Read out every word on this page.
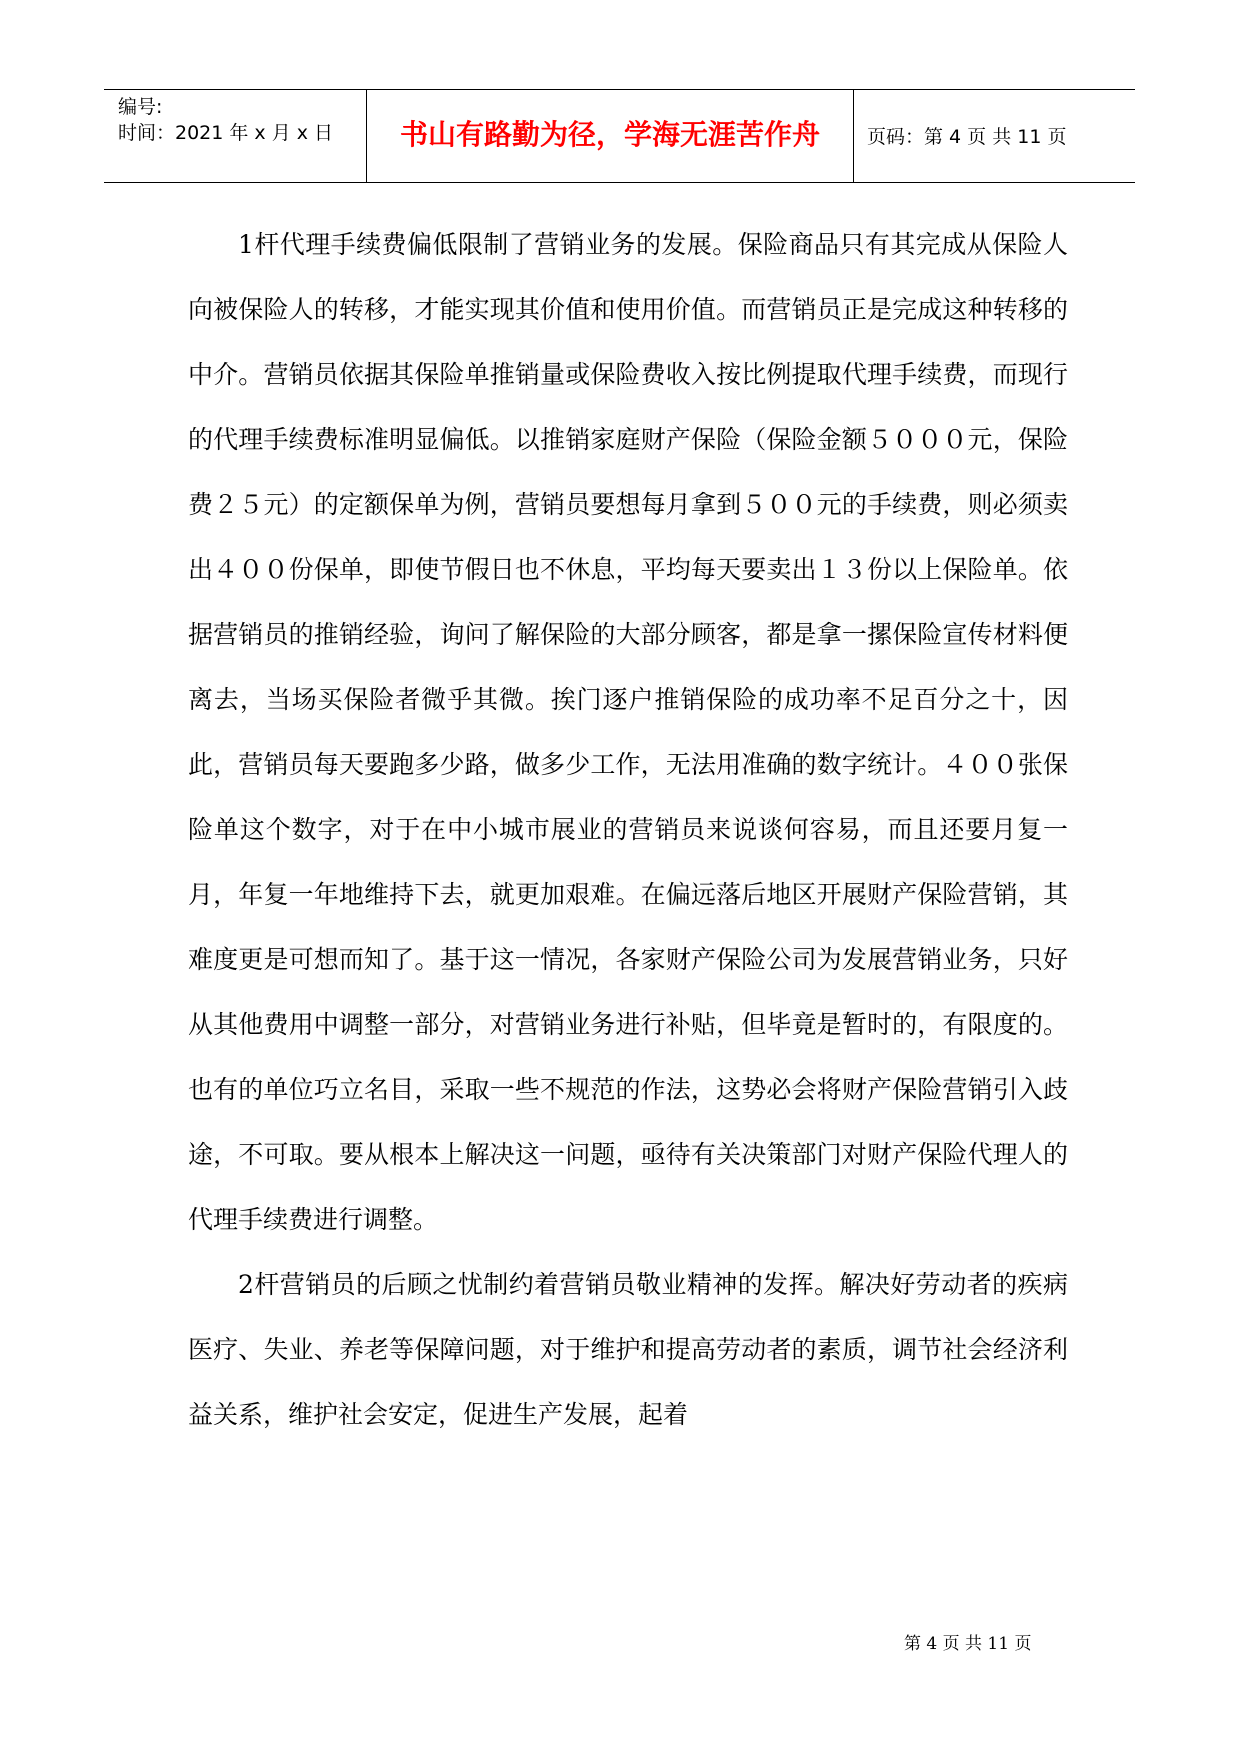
编号:
时间：2021 年 x 月 x 日 书山有路勤为径，学海无涯苦作舟 页码：第 4 页 共 11 页

1杆代理手续费偏低限制了营销业务的发展。保险商品只有其完成从保险人向被保险人的转移，才能实现其价值和使用价值。而营销员正是完成这种转移的中介。营销员依据其保险单推销量或保险费收入按比例提取代理手续费，而现行的代理手续费标准明显偏低。以推销家庭财产保险（保险金额５０００元，保险费２５元）的定额保单为例，营销员要想每月拿到５００元的手续费，则必须卖出４００份保单，即使节假日也不休息，平均每天要卖出１３份以上保险单。依据营销员的推销经验，询问了解保险的大部分顾客，都是拿一摞保险宣传材料便离去，当场买保险者微乎其微。挨门逐户推销保险的成功率不足百分之十，因此，营销员每天要跑多少路，做多少工作，无法用准确的数字统计。４００张保险单这个数字，对于在中小城市展业的营销员来说谈何容易，而且还要月复一月，年复一年地维持下去，就更加艰难。在偏远落后地区开展财产保险营销，其难度更是可想而知了。基于这一情况，各家财产保险公司为发展营销业务，只好从其他费用中调整一部分，对营销业务进行补贴，但毕竟是暂时的，有限度的。也有的单位巧立名目，采取一些不规范的作法，这势必会将财产保险营销引入歧途，不可取。要从根本上解决这一问题，亟待有关决策部门对财产保险代理人的代理手续费进行调整。

2杆营销员的后顾之忧制约着营销员敬业精神的发挥。解决好劳动者的疾病医疗、失业、养老等保障问题，对于维护和提高劳动者的素质，调节社会经济利益关系，维护社会安定，促进生产发展，起着

第 4 页 共 11 页
